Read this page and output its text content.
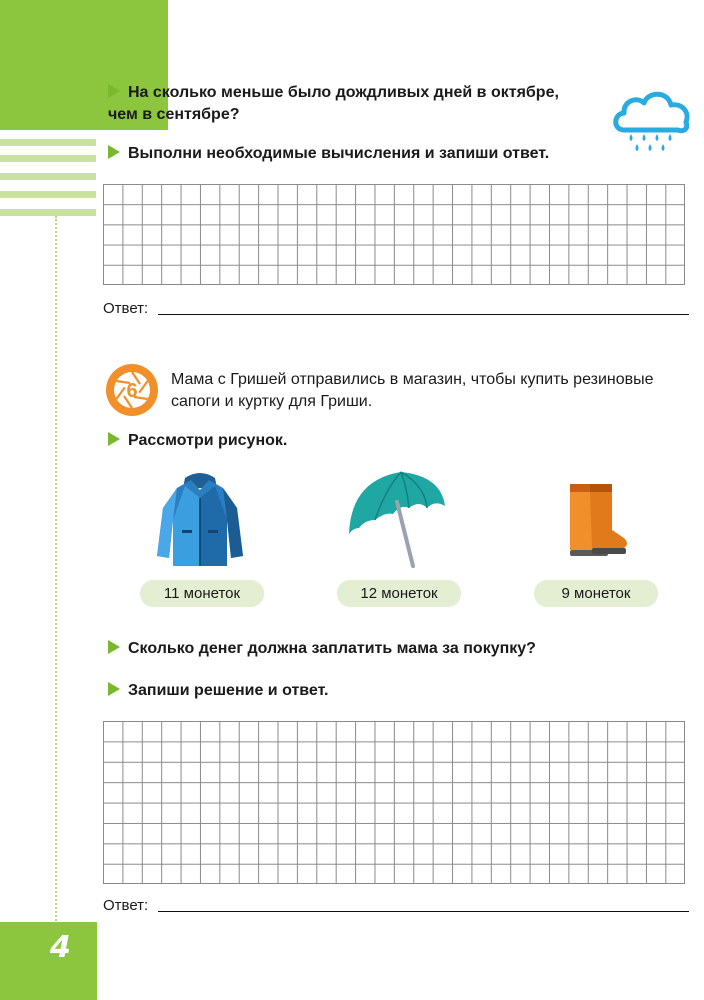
4
На сколько меньше было дождливых дней в октябре,
чем в сентябре?
Выполни необходимые вычисления и запиши ответ.
Ответ:
6
Мама с Гришей отправились в магазин, чтобы купить резиновые
сапоги и куртку для Гриши.
Рассмотри рисунок.
11 монеток	12 монеток	9 монеток
Сколько денег должна заплатить мама за покупку?
Запиши решение и ответ.
Ответ:
